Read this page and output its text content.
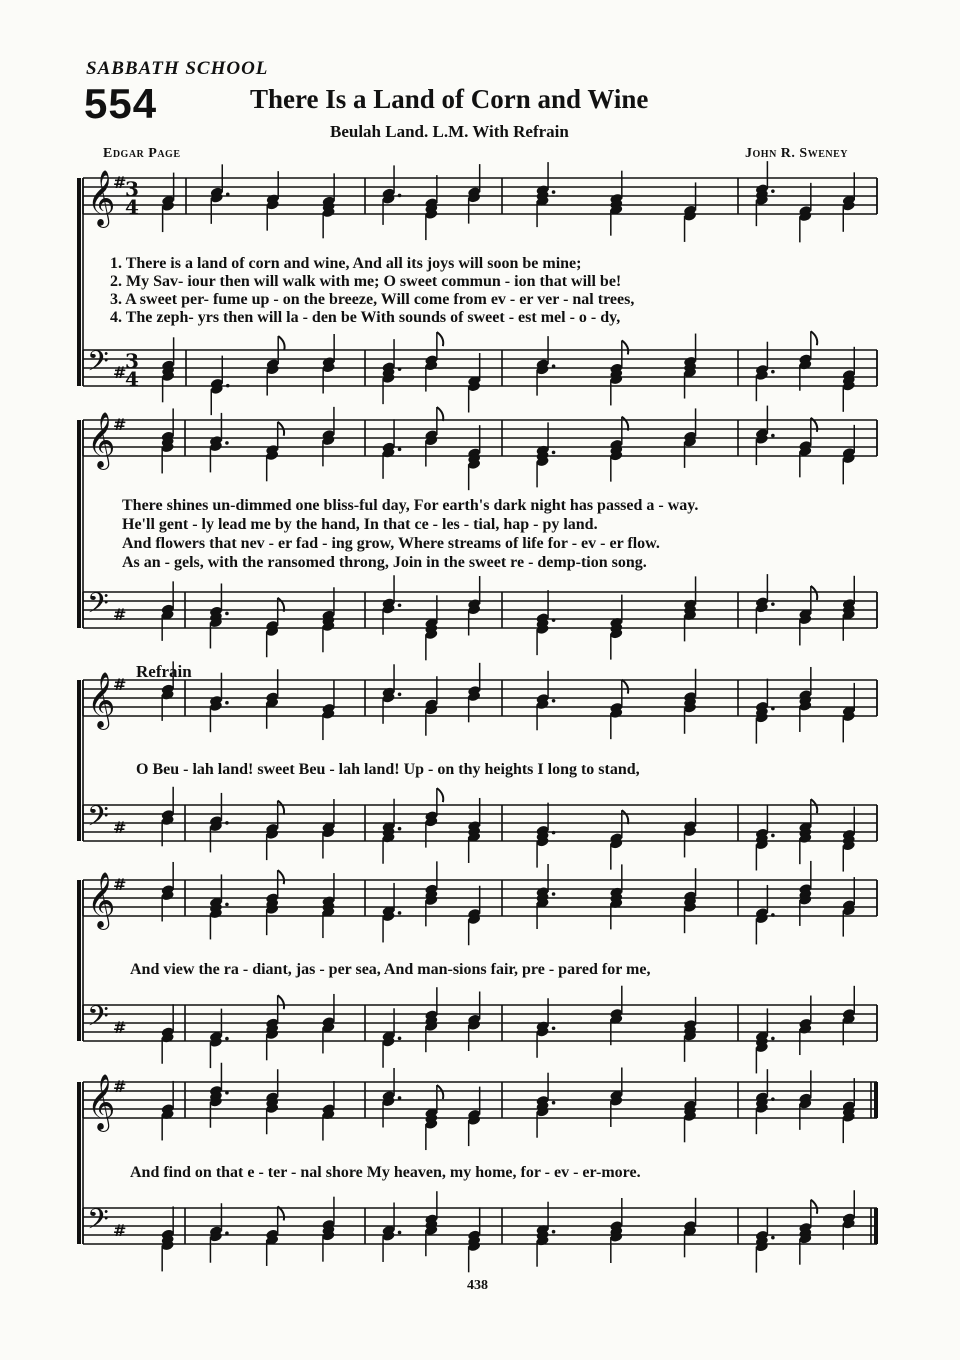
SABBATH SCHOOL
554	There Is a Land of Corn and Wine
Beulah Land. L.M. With Refrain
Edgar Page	John R. Sweney
𝄞
#
3
4
𝄢 #
3
4
𝄞
#
𝄢 #
𝄞
#
𝄢 #
𝄞
#
𝄢 #
𝄞
#
𝄢 #
Refrain
1. There is a land of corn and wine, And all its joys will soon be mine;
2. My Sav- iour then will walk with me; O sweet commun - ion that will be!
3. A sweet per- fume up - on the breeze, Will come from ev - er ver - nal trees,
4. The zeph- yrs then will la - den be With sounds of sweet - est mel - o - dy,
There shines un-dimmed one bliss-ful day, For earth's dark night has passed a - way.
He'll gent - ly lead me by the hand, In that ce - les - tial, hap - py land.
And flowers that nev - er fad - ing grow, Where streams of life for - ev - er flow.
As an - gels, with the ransomed throng, Join in the sweet re - demp-tion song.
O Beu - lah land! sweet Beu - lah land! Up - on thy heights I long to stand,
And view the ra - diant, jas - per sea, And man-sions fair, pre - pared for me,
And find on that e - ter - nal shore My heaven, my home, for - ev - er-more.
438
